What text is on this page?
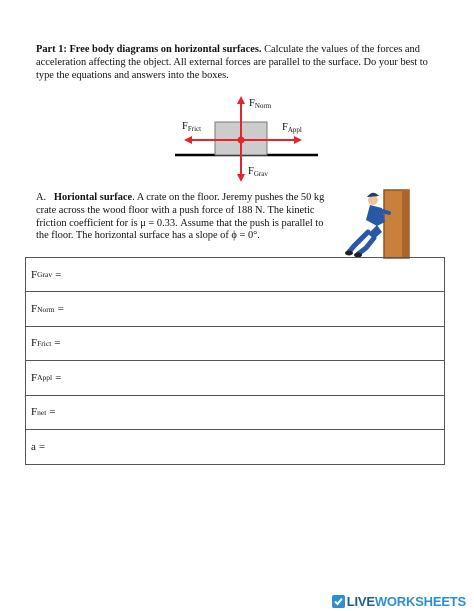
Part 1: Free body diagrams on horizontal surfaces. Calculate the values of the forces and acceleration affecting the object. All external forces are parallel to the surface. Do your best to type the equations and answers into the boxes.

$F_{Norm}$
$F_{Frict}$	$F_{Appl}$
$F_{Grav}$

A. Horiontal surface. A crate on the floor. Jeremy pushes the 50 kg crate across the wood floor with a push force of 188 N. The kinetic friction coefficient for is μ = 0.33. Assume that the push is parallel to the floor. The horizontal surface has a slope of ϕ = 0°.

F Grav =
F Norm =
F Frict =
F Appl =
F net =
a =
LIVE WORKSHEETS
